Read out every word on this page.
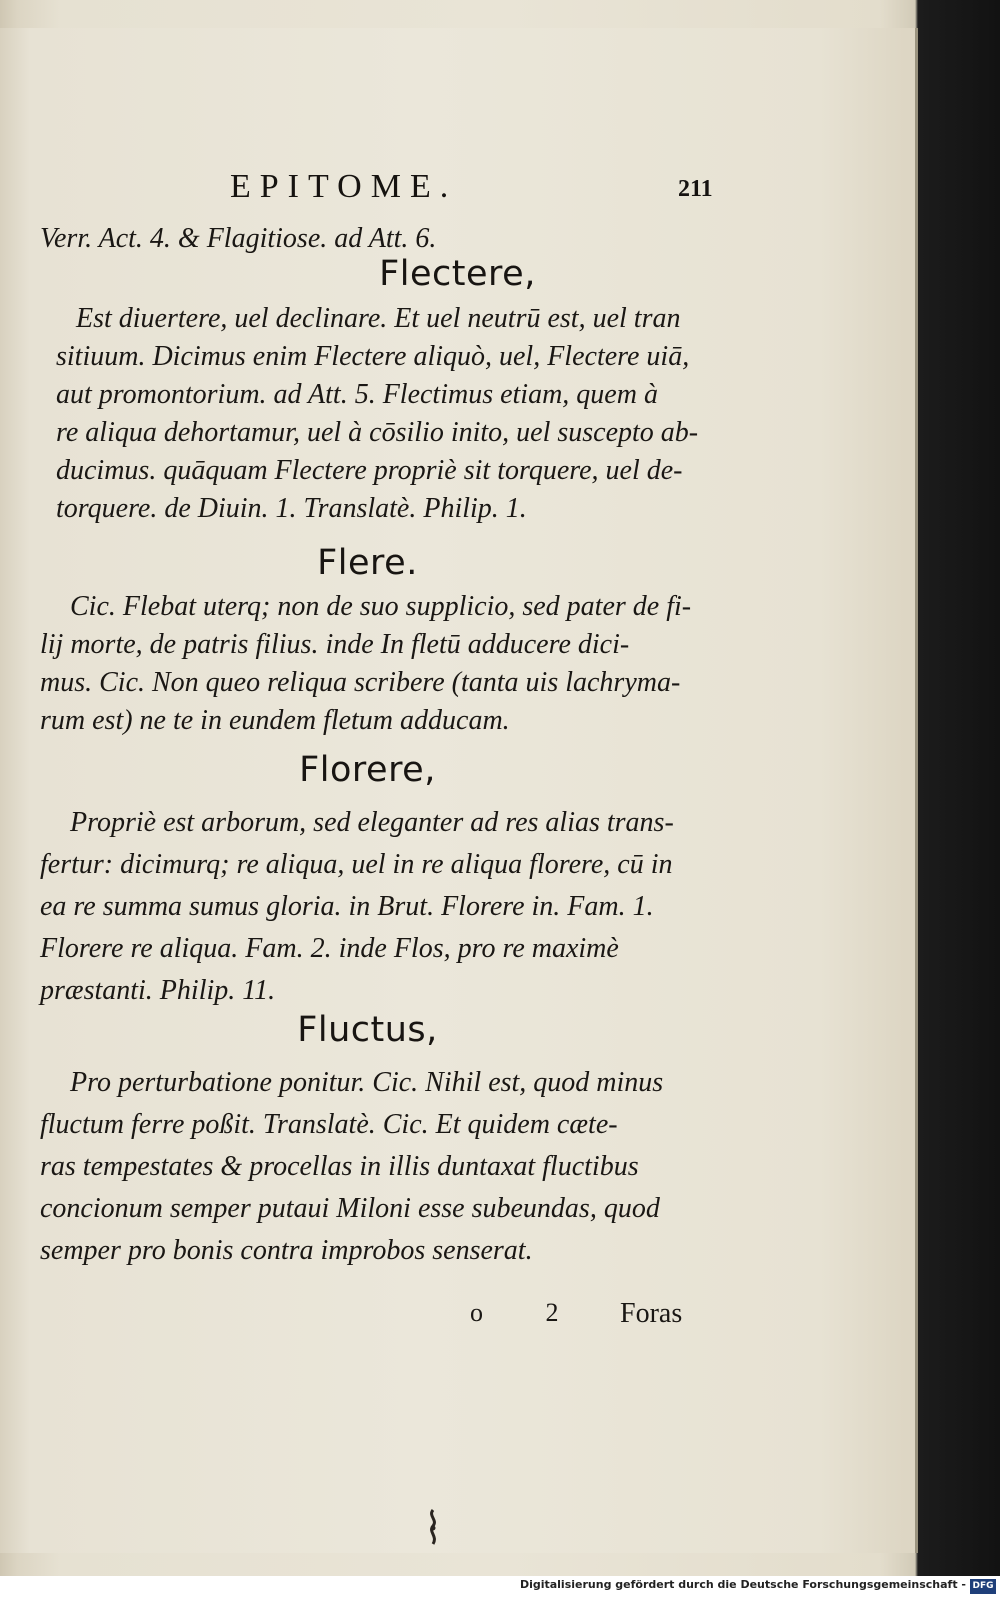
EPITOME.	211
Verr. Act. 4. & Flagitiose. ad Att. 6.
Flectere,
Est diuertere, uel declinare. Et uel neutrū est, uel tran
sitiuum. Dicimus enim Flectere aliquò, uel, Flectere uiā,
aut promontorium. ad Att. 5. Flectimus etiam, quem à
re aliqua dehortamur, uel à cōsilio inito, uel suscepto ab-
ducimus. quāquam Flectere propriè sit torquere, uel de-
torquere. de Diuin. 1. Translatè. Philip. 1.
Flere.
Cic. Flebat uterq; non de suo supplicio, sed pater de fi-
lij morte, de patris filius. inde In fletū adducere dici-
mus. Cic. Non queo reliqua scribere (tanta uis lachryma-
rum est) ne te in eundem fletum adducam.
Florere,
Propriè est arborum, sed eleganter ad res alias trans-
fertur: dicimurq; re aliqua, uel in re aliqua florere, cū in
ea re summa sumus gloria. in Brut. Florere in. Fam. 1.
Florere re aliqua. Fam. 2. inde Flos, pro re maximè
præstanti. Philip. 11.
Fluctus,
Pro perturbatione ponitur. Cic. Nihil est, quod minus
fluctum ferre poßit. Translatè. Cic. Et quidem cæte-
ras tempestates & procellas in illis duntaxat fluctibus
concionum semper putaui Miloni esse subeundas, quod
semper pro bonis contra improbos senserat.
o 2 Foras
Digitalisierung gefördert durch die Deutsche Forschungsgemeinschaft - DFG
